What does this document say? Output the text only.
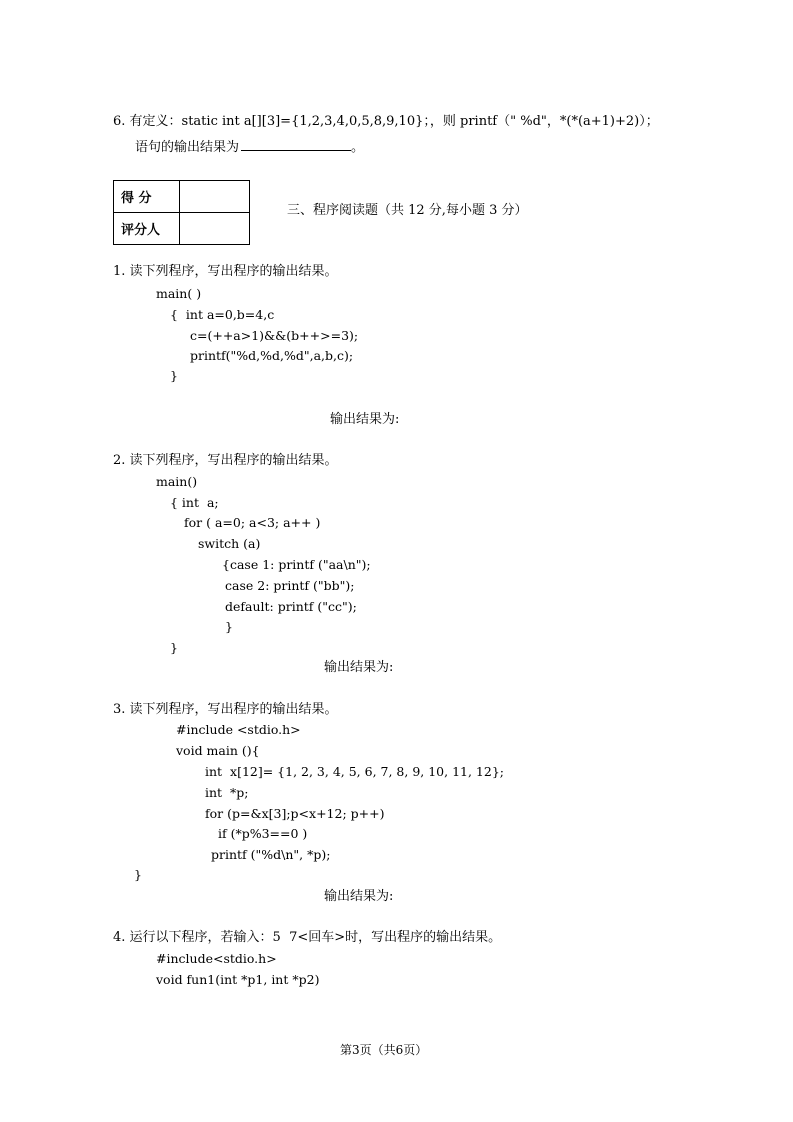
6. 有定义：static int a[][3]={1,2,3,4,0,5,8,9,10}；，则 printf（" %d"，*(*(a+1)+2)）；
语句的输出结果为	。
得 分	
评分人	
三、程序阅读题（共 12 分,每小题 3 分）
1. 读下列程序，写出程序的输出结果。
main( )
{  int a=0,b=4,c
c=(++a>1)&&(b++>=3);
printf("%d,%d,%d",a,b,c);
}
输出结果为:
2. 读下列程序，写出程序的输出结果。
main()
{ int  a;
for ( a=0; a<3; a++ )
switch (a)
{case 1: printf ("aa\n");
case 2: printf ("bb");
default: printf ("cc");
}
}
输出结果为:
3. 读下列程序，写出程序的输出结果。
#include <stdio.h>
void main (){
int  x[12]= {1, 2, 3, 4, 5, 6, 7, 8, 9, 10, 11, 12};
int  *p;
for (p=&x[3];p<x+12; p++)
if (*p%3==0 )
printf ("%d\n", *p);
}
输出结果为:
4. 运行以下程序，若输入：5  7<回车>时，写出程序的输出结果。
#include<stdio.h>
void fun1(int *p1, int *p2)
第3页（共6页）
